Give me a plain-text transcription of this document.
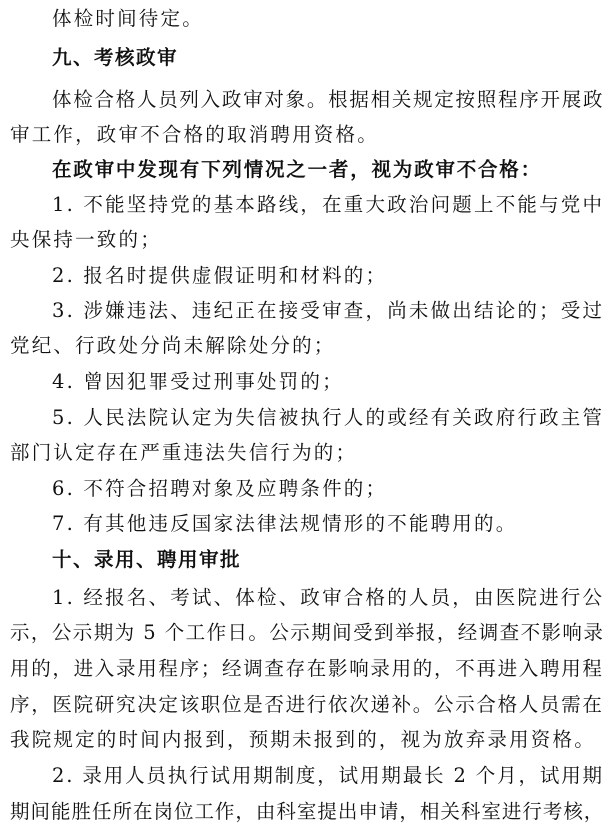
体检时间待定。
九、考核政审
体检合格人员列入政审对象。根据相关规定按照程序开展政
审工作，政审不合格的取消聘用资格。
在政审中发现有下列情况之一者，视为政审不合格：
1. 不能坚持党的基本路线，在重大政治问题上不能与党中
央保持一致的；
2. 报名时提供虚假证明和材料的；
3. 涉嫌违法、违纪正在接受审查，尚未做出结论的；受过
党纪、行政处分尚未解除处分的；
4. 曾因犯罪受过刑事处罚的；
5. 人民法院认定为失信被执行人的或经有关政府行政主管
部门认定存在严重违法失信行为的；
6. 不符合招聘对象及应聘条件的；
7. 有其他违反国家法律法规情形的不能聘用的。
十、录用、聘用审批
1. 经报名、考试、体检、政审合格的人员，由医院进行公
示，公示期为 5 个工作日。公示期间受到举报，经调查不影响录
用的，进入录用程序；经调查存在影响录用的，不再进入聘用程
序，医院研究决定该职位是否进行依次递补。公示合格人员需在
我院规定的时间内报到，预期未报到的，视为放弃录用资格。
2. 录用人员执行试用期制度，试用期最长 2 个月，试用期
期间能胜任所在岗位工作，由科室提出申请，相关科室进行考核，
